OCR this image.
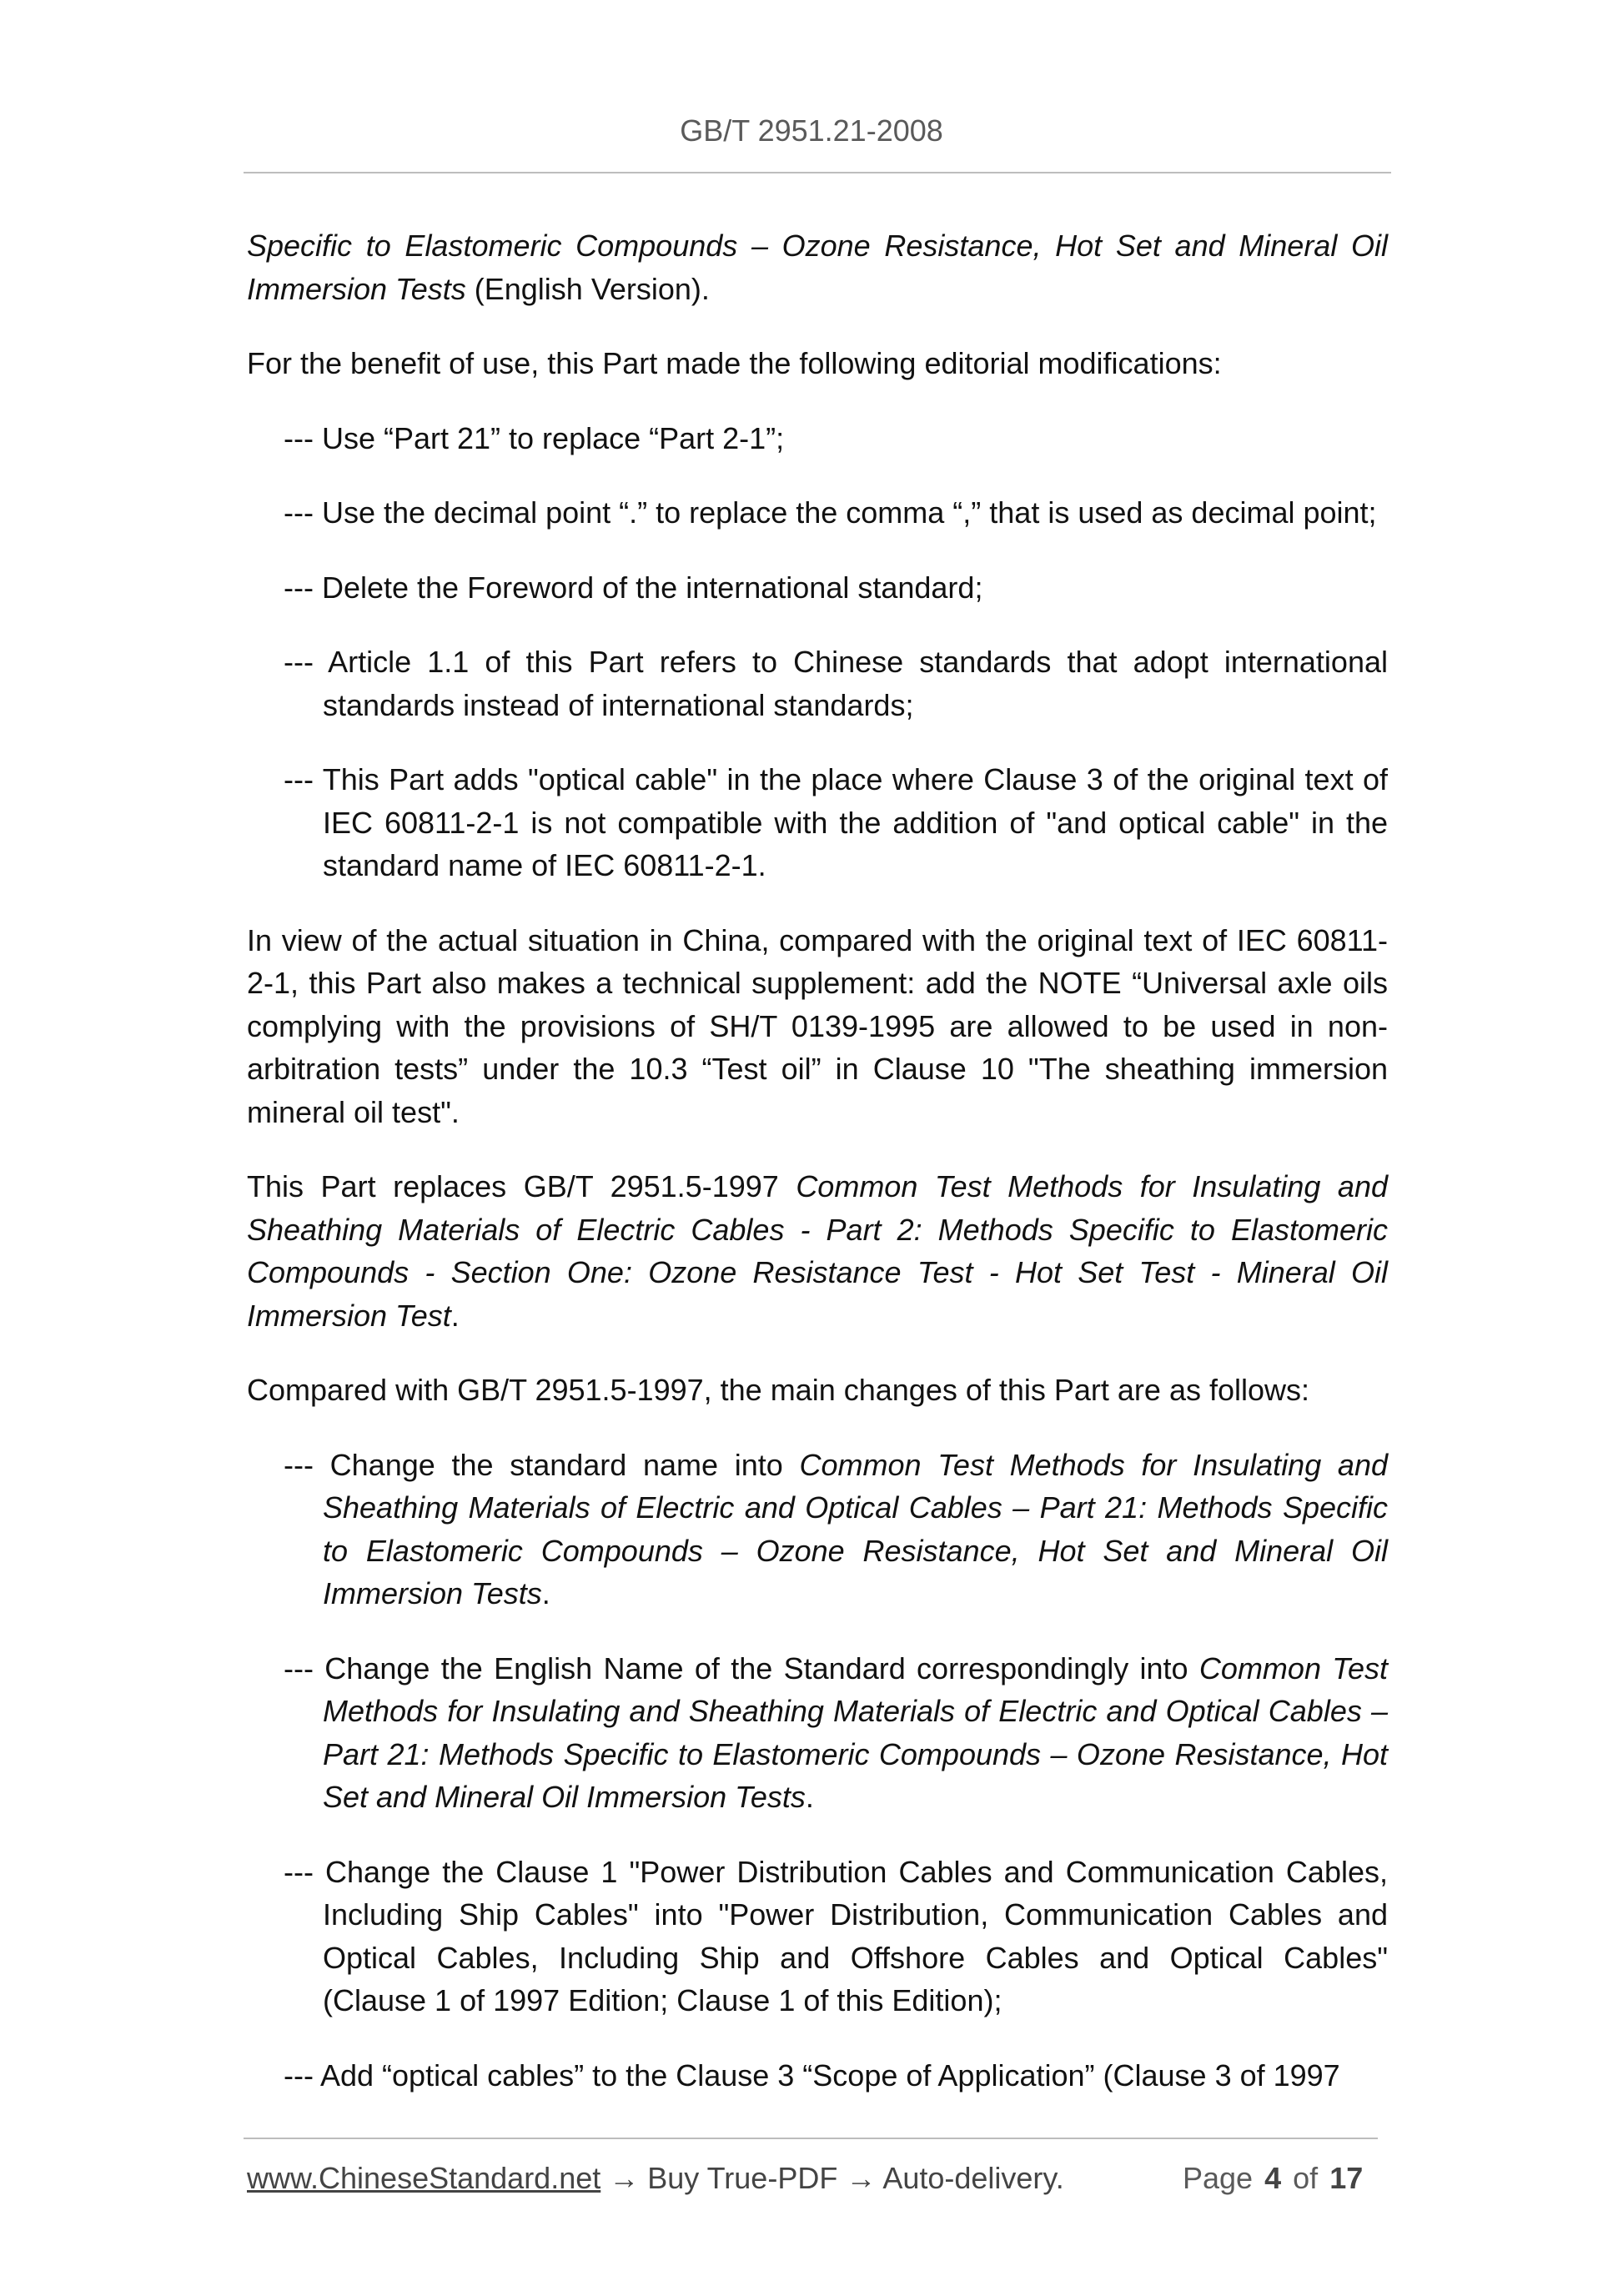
GB/T 2951.21-2008

Specific to Elastomeric Compounds – Ozone Resistance, Hot Set and Mineral Oil Immersion Tests (English Version).

For the benefit of use, this Part made the following editorial modifications:

--- Use “Part 21” to replace “Part 2-1”;

--- Use the decimal point “.” to replace the comma “,” that is used as decimal point;

--- Delete the Foreword of the international standard;

--- Article 1.1 of this Part refers to Chinese standards that adopt international standards instead of international standards;

--- This Part adds "optical cable" in the place where Clause 3 of the original text of IEC 60811-2-1 is not compatible with the addition of "and optical cable" in the standard name of IEC 60811-2-1.

In view of the actual situation in China, compared with the original text of IEC 60811-2-1, this Part also makes a technical supplement: add the NOTE “Universal axle oils complying with the provisions of SH/T 0139-1995 are allowed to be used in non-arbitration tests” under the 10.3 “Test oil” in Clause 10 "The sheathing immersion mineral oil test".

This Part replaces GB/T 2951.5-1997 Common Test Methods for Insulating and Sheathing Materials of Electric Cables - Part 2: Methods Specific to Elastomeric Compounds - Section One: Ozone Resistance Test - Hot Set Test - Mineral Oil Immersion Test.

Compared with GB/T 2951.5-1997, the main changes of this Part are as follows:

--- Change the standard name into Common Test Methods for Insulating and Sheathing Materials of Electric and Optical Cables – Part 21: Methods Specific to Elastomeric Compounds – Ozone Resistance, Hot Set and Mineral Oil Immersion Tests.

--- Change the English Name of the Standard correspondingly into Common Test Methods for Insulating and Sheathing Materials of Electric and Optical Cables – Part 21: Methods Specific to Elastomeric Compounds – Ozone Resistance, Hot Set and Mineral Oil Immersion Tests.

--- Change the Clause 1 "Power Distribution Cables and Communication Cables, Including Ship Cables" into "Power Distribution, Communication Cables and Optical Cables, Including Ship and Offshore Cables and Optical Cables" (Clause 1 of 1997 Edition; Clause 1 of this Edition);

--- Add “optical cables” to the Clause 3 “Scope of Application” (Clause 3 of 1997

www.ChineseStandard.net → Buy True-PDF → Auto-delivery.	Page 4 of 17
